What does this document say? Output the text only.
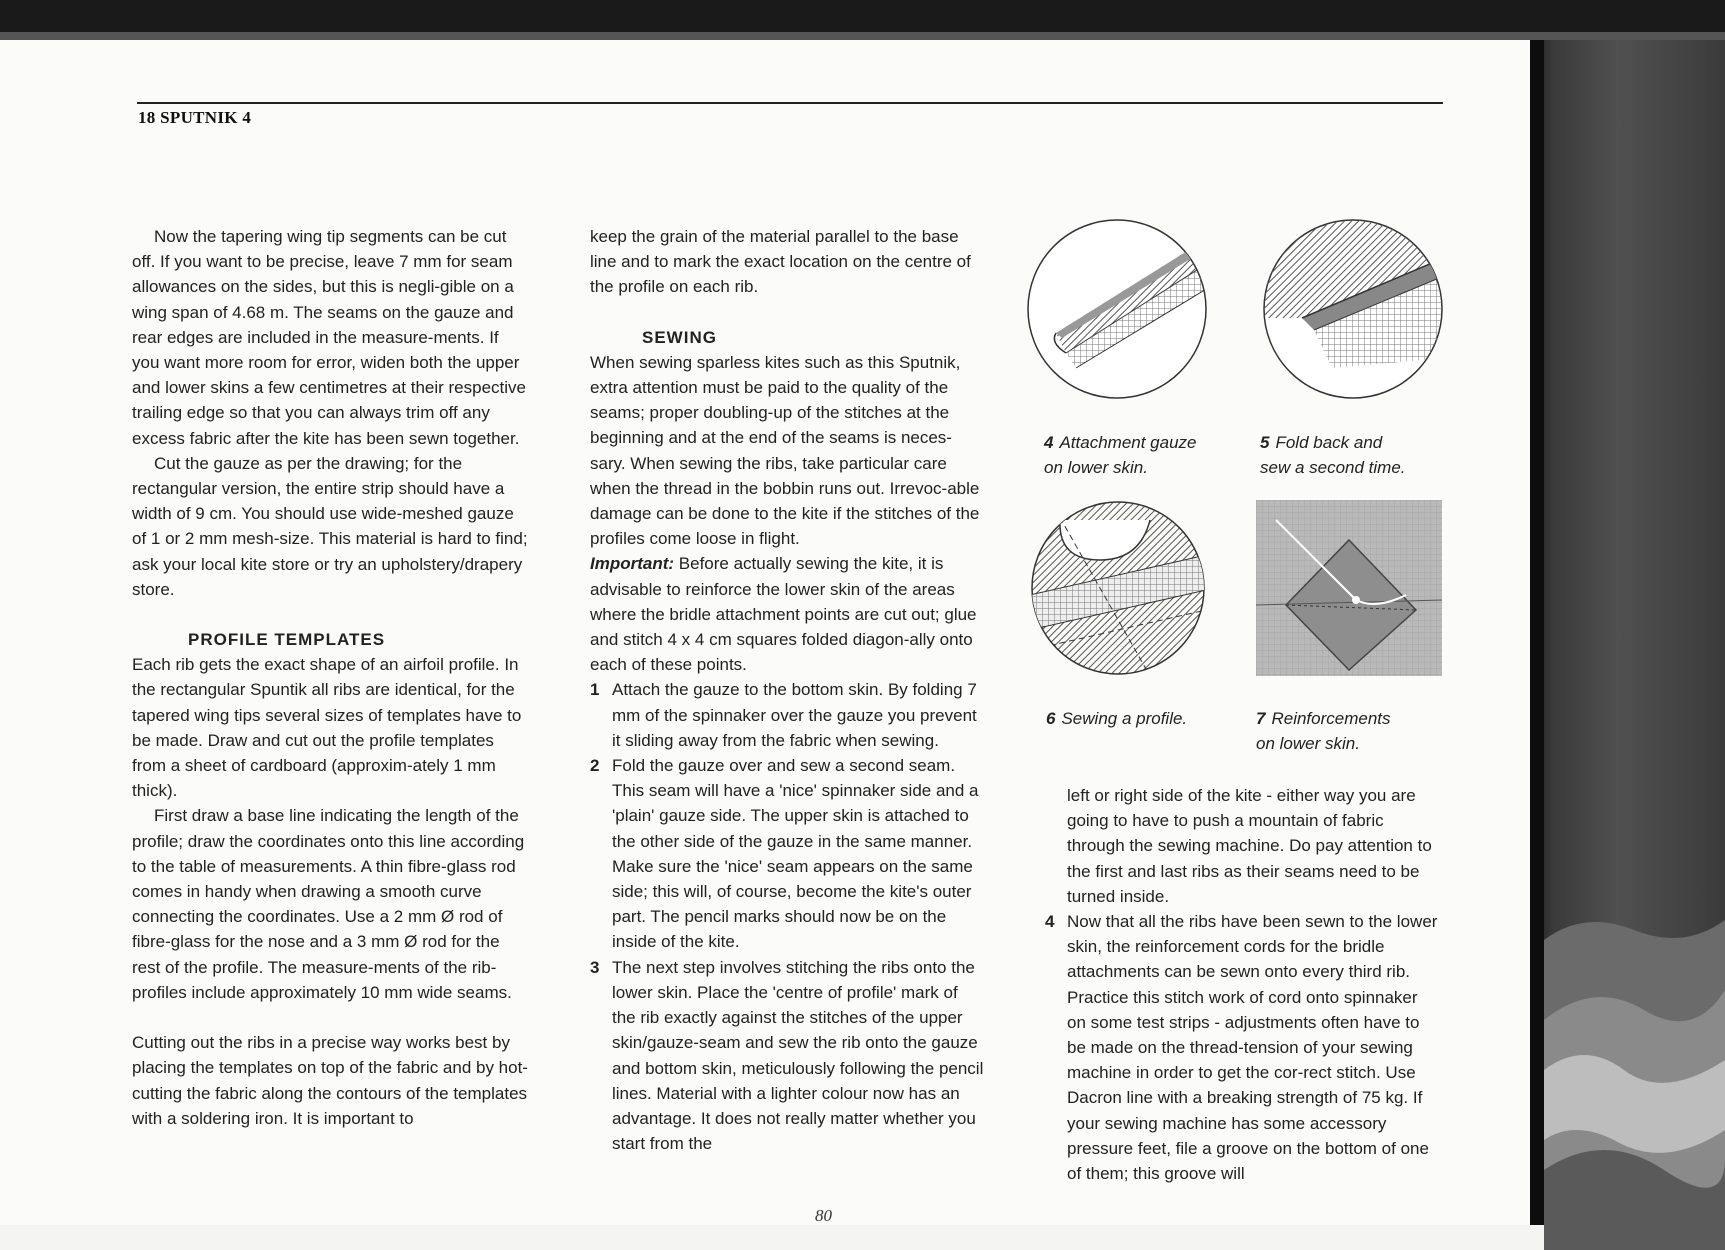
18 SPUTNIK 4

Now the tapering wing tip segments can be cut off. If you want to be precise, leave 7 mm for seam allowances on the sides, but this is negli-gible on a wing span of 4.68 m. The seams on the gauze and rear edges are included in the measure-ments. If you want more room for error, widen both the upper and lower skins a few centimetres at their respective trailing edge so that you can always trim off any excess fabric after the kite has been sewn together.

Cut the gauze as per the drawing; for the rectangular version, the entire strip should have a width of 9 cm. You should use wide-meshed gauze of 1 or 2 mm mesh-size. This material is hard to find; ask your local kite store or try an upholstery/drapery store.

PROFILE TEMPLATES

Each rib gets the exact shape of an airfoil profile. In the rectangular Spuntik all ribs are identical, for the tapered wing tips several sizes of templates have to be made. Draw and cut out the profile templates from a sheet of cardboard (approxim-ately 1 mm thick).

First draw a base line indicating the length of the profile; draw the coordinates onto this line according to the table of measurements. A thin fibre-glass rod comes in handy when drawing a smooth curve connecting the coordinates. Use a 2 mm Ø rod of fibre-glass for the nose and a 3 mm Ø rod for the rest of the profile. The measure-ments of the rib-profiles include approximately 10 mm wide seams.

Cutting out the ribs in a precise way works best by placing the templates on top of the fabric and by hot-cutting the fabric along the contours of the templates with a soldering iron. It is important to

keep the grain of the material parallel to the base line and to mark the exact location on the centre of the profile on each rib.

SEWING

When sewing sparless kites such as this Sputnik, extra attention must be paid to the quality of the seams; proper doubling-up of the stitches at the beginning and at the end of the seams is neces-sary. When sewing the ribs, take particular care when the thread in the bobbin runs out. Irrevoc-able damage can be done to the kite if the stitches of the profiles come loose in flight.

Important: Before actually sewing the kite, it is advisable to reinforce the lower skin of the areas where the bridle attachment points are cut out; glue and stitch 4 x 4 cm squares folded diagon-ally onto each of these points.

1 Attach the gauze to the bottom skin. By folding 7 mm of the spinnaker over the gauze you prevent it sliding away from the fabric when sewing.
2 Fold the gauze over and sew a second seam. This seam will have a 'nice' spinnaker side and a 'plain' gauze side. The upper skin is attached to the other side of the gauze in the same manner. Make sure the 'nice' seam appears on the same side; this will, of course, become the kite's outer part. The pencil marks should now be on the inside of the kite.
3 The next step involves stitching the ribs onto the lower skin. Place the 'centre of profile' mark of the rib exactly against the stitches of the upper skin/gauze-seam and sew the rib onto the gauze and bottom skin, meticulously following the pencil lines. Material with a lighter colour now has an advantage. It does not really matter whether you start from the
4 Attachment gauze
on lower skin.
5 Fold back and
sew a second time.
6 Sewing a profile.	7 Reinforcements
on lower skin.

left or right side of the kite - either way you are going to have to push a mountain of fabric through the sewing machine. Do pay attention to the first and last ribs as their seams need to be turned inside.

4 Now that all the ribs have been sewn to the lower skin, the reinforcement cords for the bridle attachments can be sewn onto every third rib. Practice this stitch work of cord onto spinnaker on some test strips - adjustments often have to be made on the thread-tension of your sewing machine in order to get the cor-rect stitch. Use Dacron line with a breaking strength of 75 kg. If your sewing machine has some accessory pressure feet, file a groove on the bottom of one of them; this groove will
80
